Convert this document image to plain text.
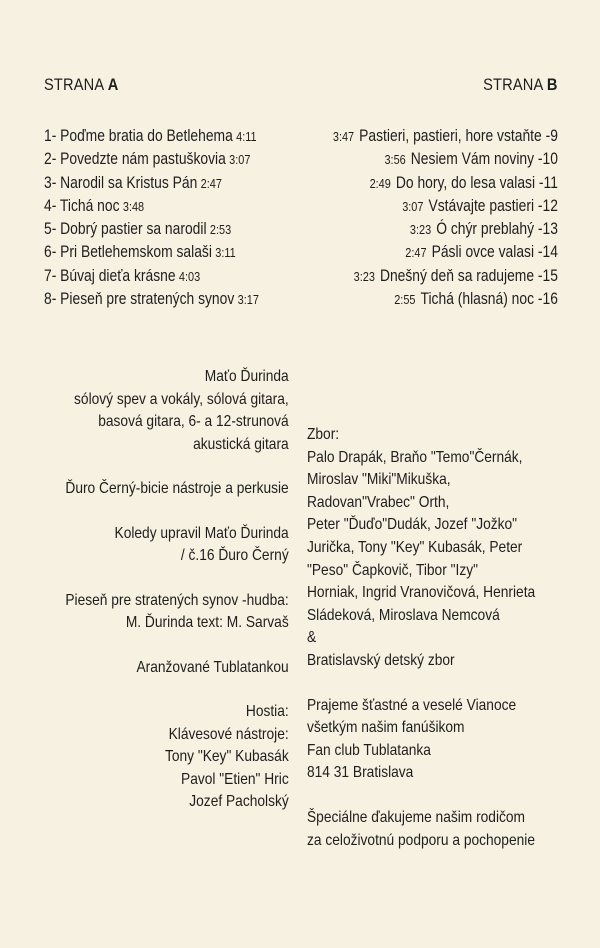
STRANA A	STRANA B
1- Poďme bratia do Betlehema 4:11
2- Povedzte nám pastuškovia 3:07
3- Narodil sa Kristus Pán 2:47
4- Tichá noc 3:48
5- Dobrý pastier sa narodil 2:53
6- Pri Betlehemskom salaši 3:11
7- Búvaj dieťa krásne 4:03
8- Pieseň pre stratených synov 3:17
3:47 Pastieri, pastieri, hore vstaňte -9
3:56 Nesiem Vám noviny -10
2:49 Do hory, do lesa valasi -11
3:07 Vstávajte pastieri -12
3:23 Ó chýr preblahý -13
2:47 Pásli ovce valasi -14
3:23 Dnešný deň sa radujeme -15
2:55 Tichá (hlasná) noc -16
Maťo Ďurinda
sólový spev a vokály, sólová gitara,
basová gitara, 6- a 12-strunová
akustická gitara
Ďuro Černý-bicie nástroje a perkusie
Koledy upravil Maťo Ďurinda
/ č.16 Ďuro Černý
Pieseň pre stratených synov -hudba:
M. Ďurinda text: M. Sarvaš
Aranžované Tublatankou
Hostia:
Klávesové nástroje:
Tony "Key" Kubasák
Pavol "Etien" Hric
Jozef Pacholský
Zbor:
Palo Drapák, Braňo "Temo"Černák,
Miroslav "Miki"Mikuška,
Radovan"Vrabec" Orth,
Peter "Ďuďo"Dudák, Jozef "Jožko"
Jurička, Tony "Key" Kubasák, Peter
"Peso" Čapkovič, Tibor "Izy"
Horniak, Ingrid Vranovičová, Henrieta
Sládeková, Miroslava Nemcová
&
Bratislavský detský zbor
Prajeme šťastné a veselé Vianoce
všetkým našim fanúšikom
Fan club Tublatanka
814 31 Bratislava
Špeciálne ďakujeme našim rodičom
za celoživotnú podporu a pochopenie
